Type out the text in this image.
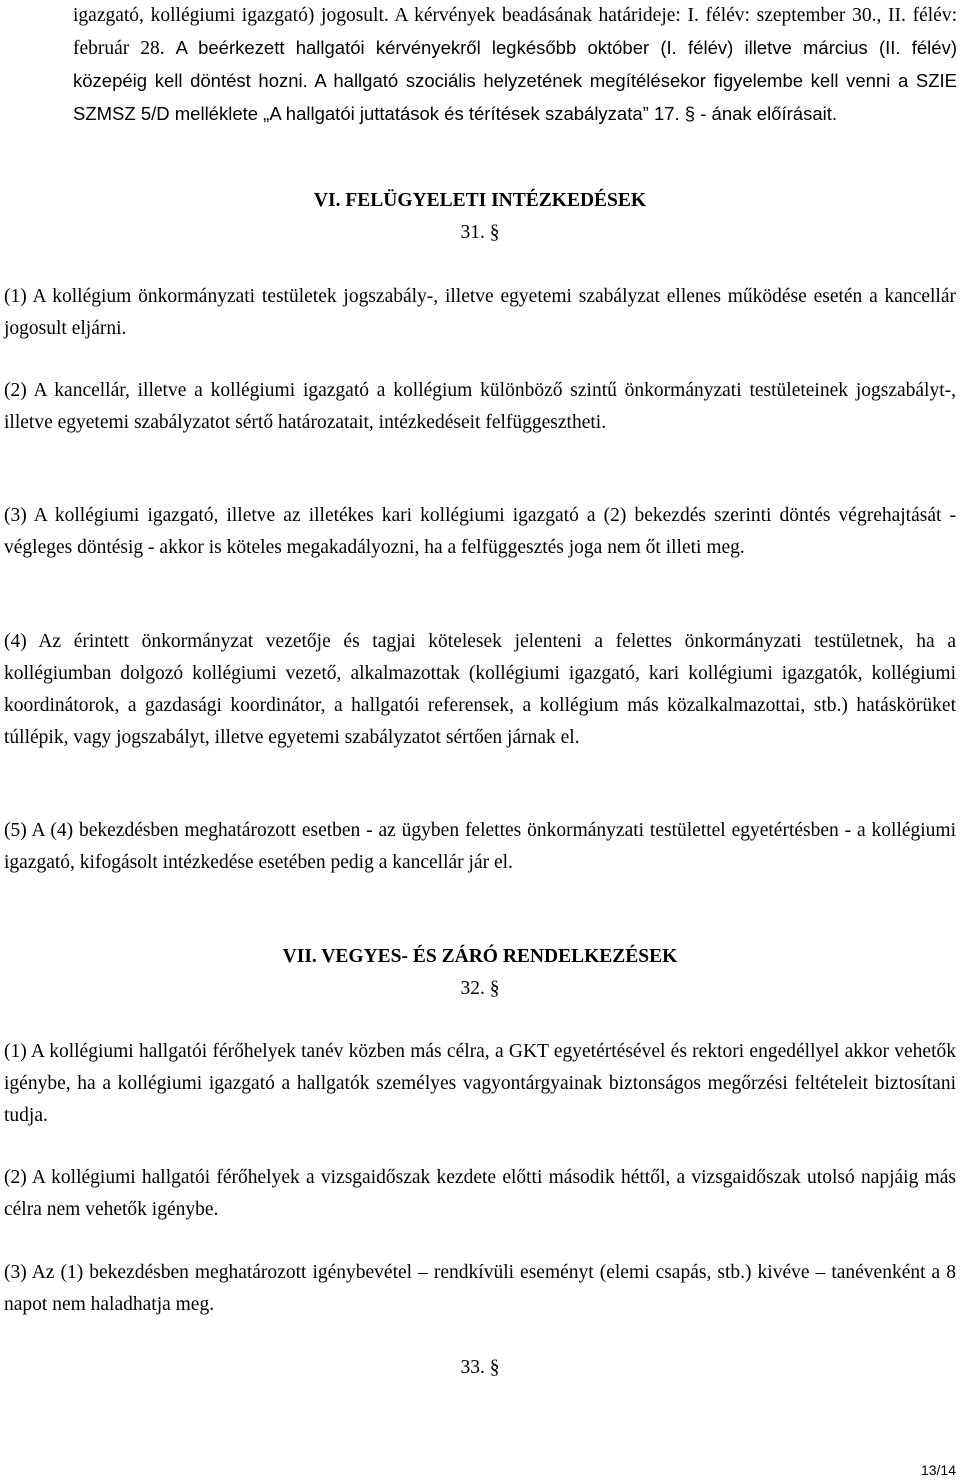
igazgató, kollégiumi igazgató) jogosult. A kérvények beadásának határideje: I. félév: szeptember 30., II. félév: február 28. A beérkezett hallgatói kérvényekről legkésőbb október (I. félév) illetve március (II. félév) közepéig kell döntést hozni. A hallgató szociális helyzetének megítélésekor figyelembe kell venni a SZIE SZMSZ 5/D melléklete „A hallgatói juttatások és térítések szabályzata” 17. § - ának előírásait.
VI. FELÜGYELETI INTÉZKEDÉSEK
31. §
(1) A kollégium önkormányzati testületek jogszabály-, illetve egyetemi szabályzat ellenes működése esetén a kancellár jogosult eljárni.
(2) A kancellár, illetve a kollégiumi igazgató a kollégium különböző szintű önkormányzati testületeinek jogszabályt-, illetve egyetemi szabályzatot sértő határozatait, intézkedéseit felfüggesztheti.
(3) A kollégiumi igazgató, illetve az illetékes kari kollégiumi igazgató a (2) bekezdés szerinti döntés végrehajtását - végleges döntésig - akkor is köteles megakadályozni, ha a felfüggesztés joga nem őt illeti meg.
(4) Az érintett önkormányzat vezetője és tagjai kötelesek jelenteni a felettes önkormányzati testületnek, ha a kollégiumban dolgozó kollégiumi vezető, alkalmazottak (kollégiumi igazgató, kari kollégiumi igazgatók, kollégiumi koordinátorok, a gazdasági koordinátor, a hallgatói referensek, a kollégium más közalkalmazottai, stb.) hatáskörüket túllépik, vagy jogszabályt, illetve egyetemi szabályzatot sértően járnak el.
(5) A (4) bekezdésben meghatározott esetben - az ügyben felettes önkormányzati testülettel egyetértésben - a kollégiumi igazgató, kifogásolt intézkedése esetében pedig a kancellár jár el.
VII. VEGYES- ÉS ZÁRÓ RENDELKEZÉSEK
32. §
(1) A kollégiumi hallgatói férőhelyek tanév közben más célra, a GKT egyetértésével és rektori engedéllyel akkor vehetők igénybe, ha a kollégiumi igazgató a hallgatók személyes vagyontárgyainak biztonságos megőrzési feltételeit biztosítani tudja.
(2) A kollégiumi hallgatói férőhelyek a vizsgaidőszak kezdete előtti második héttől, a vizsgaidőszak utolsó napjáig más célra nem vehetők igénybe.
(3) Az (1) bekezdésben meghatározott igénybevétel – rendkívüli eseményt (elemi csapás, stb.) kivéve – tanévenként a 8 napot nem haladhatja meg.
33. §
13/14
